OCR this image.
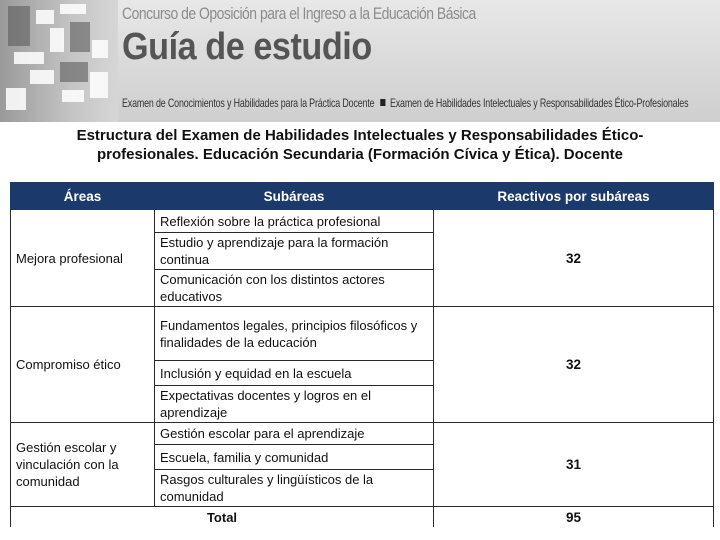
Concurso de Oposición para el Ingreso a la Educación Básica
Guía de estudio
Examen de Conocimientos y Habilidades para la Práctica Docente Examen de Habilidades Intelectuales y Responsabilidades Ético-Profesionales
Estructura del Examen de Habilidades Intelectuales y Responsabilidades Ético-
profesionales. Educación Secundaria (Formación Cívica y Ética). Docente
Áreas	Subáreas	Reactivos por subáreas
Mejora profesional	Reflexión sobre la práctica profesional	32
	Estudio y aprendizaje para la formación continua	
	Comunicación con los distintos actores educativos	
Compromiso ético	Fundamentos legales, principios filosóficos y finalidades de la educación	32
	Inclusión y equidad en la escuela	
	Expectativas docentes y logros en el aprendizaje	
Gestión escolar y vinculación con la comunidad	Gestión escolar para el aprendizaje	31
	Escuela, familia y comunidad	
	Rasgos culturales y lingüísticos de la comunidad	
Total		95
